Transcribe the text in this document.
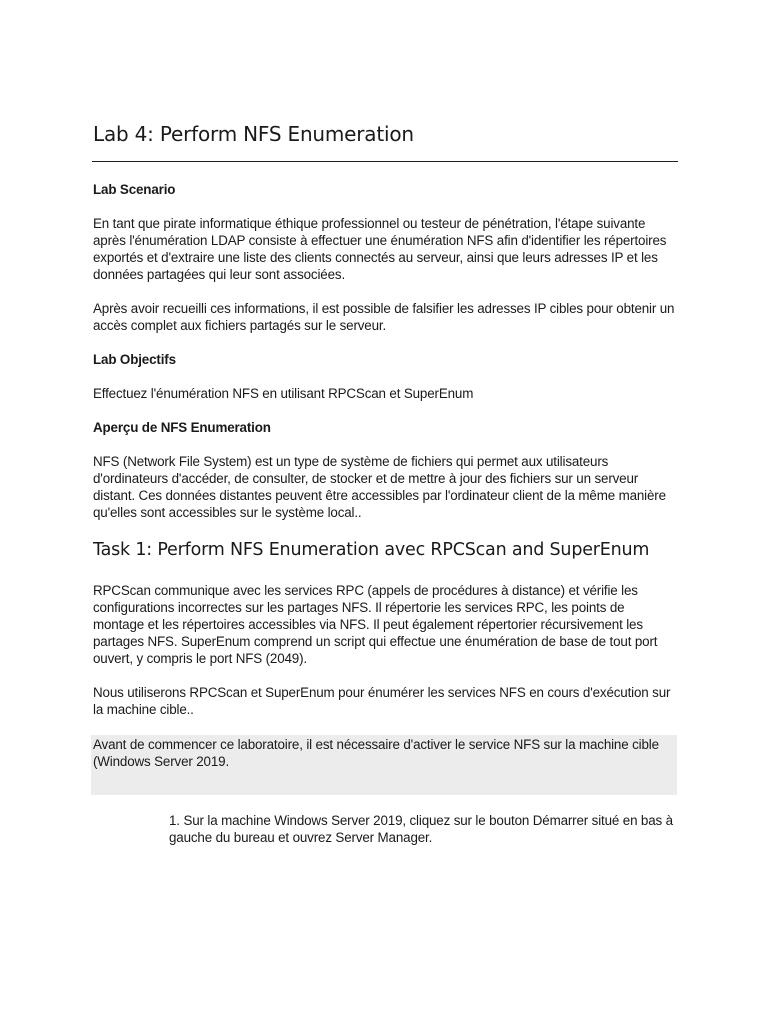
Lab 4: Perform NFS Enumeration

Lab Scenario

En tant que pirate informatique éthique professionnel ou testeur de pénétration, l'étape suivante après l'énumération LDAP consiste à effectuer une énumération NFS afin d'identifier les répertoires exportés et d'extraire une liste des clients connectés au serveur, ainsi que leurs adresses IP et les données partagées qui leur sont associées.

Après avoir recueilli ces informations, il est possible de falsifier les adresses IP cibles pour obtenir un accès complet aux fichiers partagés sur le serveur.

Lab Objectifs

Effectuez l'énumération NFS en utilisant RPCScan et SuperEnum

Aperçu de NFS Enumeration

NFS (Network File System) est un type de système de fichiers qui permet aux utilisateurs d'ordinateurs d'accéder, de consulter, de stocker et de mettre à jour des fichiers sur un serveur distant. Ces données distantes peuvent être accessibles par l'ordinateur client de la même manière qu'elles sont accessibles sur le système local..

Task 1: Perform NFS Enumeration avec RPCScan and SuperEnum

RPCScan communique avec les services RPC (appels de procédures à distance) et vérifie les configurations incorrectes sur les partages NFS. Il répertorie les services RPC, les points de montage et les répertoires accessibles via NFS. Il peut également répertorier récursivement les partages NFS. SuperEnum comprend un script qui effectue une énumération de base de tout port ouvert, y compris le port NFS (2049).

Nous utiliserons RPCScan et SuperEnum pour énumérer les services NFS en cours d'exécution sur la machine cible..

Avant de commencer ce laboratoire, il est nécessaire d'activer le service NFS sur la machine cible (Windows Server 2019.

1. Sur la machine Windows Server 2019, cliquez sur le bouton Démarrer situé en bas à gauche du bureau et ouvrez Server Manager.
